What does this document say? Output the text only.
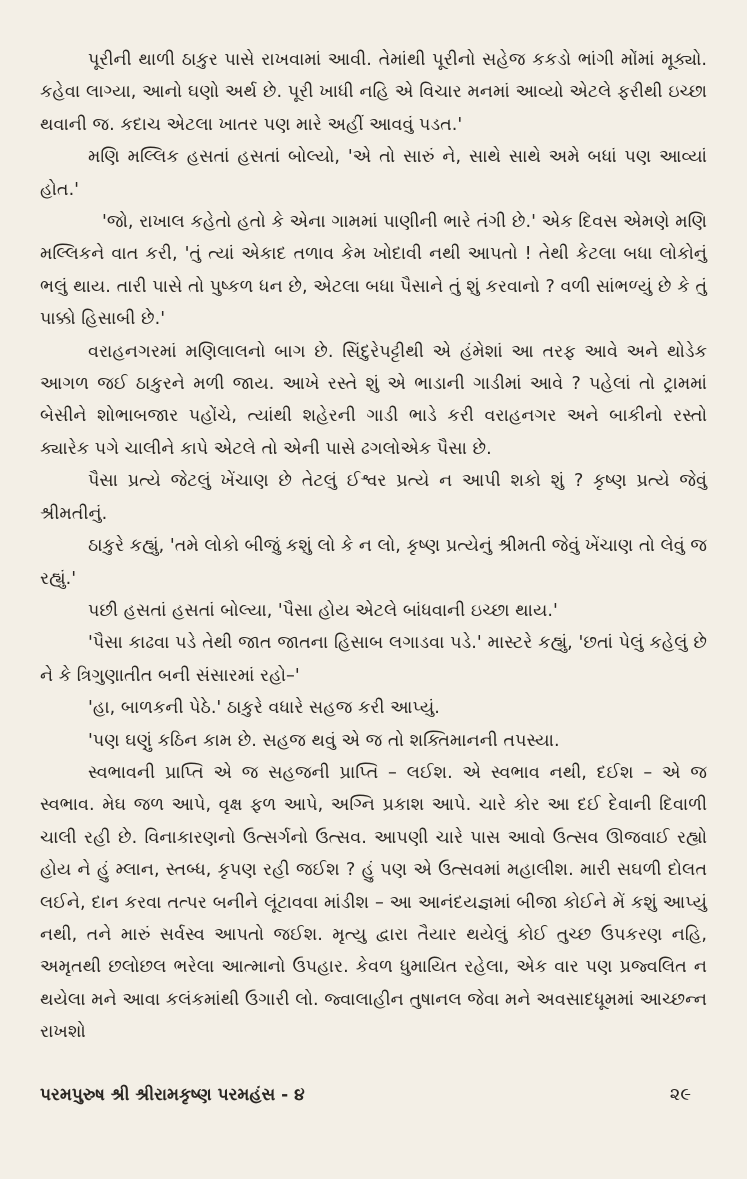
પૂરીની થાળી ઠાકુર પાસે રાખવામાં આવી. તેમાંથી પૂરીનો સહેજ કકડો ભાંગી મોંમાં મૂક્યો. કહેવા લાગ્યા, આનો ઘણો અર્થ છે. પૂરી ખાધી નહિ એ વિચાર મનમાં આવ્યો એટલે ફરીથી ઇચ્છા થવાની જ. કદાચ એટલા ખાતર પણ મારે અહીં આવવું પડત.'

મણિ મલ્લિક હસતાં હસતાં બોલ્યો, 'એ તો સારું ને, સાથે સાથે અમે બધાં પણ આવ્યાં હોત.'

'જો, રાખાલ કહેતો હતો કે એના ગામમાં પાણીની ભારે તંગી છે.' એક દિવસ એમણે મણિ મલ્લિકને વાત કરી, 'તું ત્યાં એકાદ તળાવ કેમ ખોદાવી નથી આપતો ! તેથી કેટલા બધા લોકોનું ભલું થાય. તારી પાસે તો પુષ્કળ ધન છે, એટલા બધા પૈસાને તું શું કરવાનો ? વળી સાંભળ્યું છે કે તું પાક્કો હિસાબી છે.'

વરાહનગરમાં મણિલાલનો બાગ છે. સિંદુરેપટ્ટીથી એ હંમેશાં આ તરફ આવે અને થોડેક આગળ જઈ ઠાકુરને મળી જાય. આખે રસ્તે શું એ ભાડાની ગાડીમાં આવે ? પહેલાં તો ટ્રામમાં બેસીને શોભાબજાર પહોંચે, ત્યાંથી શહેરની ગાડી ભાડે કરી વરાહનગર અને બાકીનો રસ્તો ક્યારેક પગે ચાલીને કાપે એટલે તો એની પાસે ઢગલોએક પૈસા છે.

પૈસા પ્રત્યે જેટલું ખેંચાણ છે તેટલું ઈશ્વર પ્રત્યે ન આપી શકો શું ? કૃષ્ણ પ્રત્યે જેવું શ્રીમતીનું.

ઠાકુરે કહ્યું, 'તમે લોકો બીજું કશું લો કે ન લો, કૃષ્ણ પ્રત્યેનું શ્રીમતી જેવું ખેંચાણ તો લેવું જ રહ્યું.'

પછી હસતાં હસતાં બોલ્યા, 'પૈસા હોય એટલે બાંધવાની ઇચ્છા થાય.'

'પૈસા કાઢવા પડે તેથી જાત જાતના હિસાબ લગાડવા પડે.' માસ્ટરે કહ્યું, 'છતાં પેલું કહેલું છે ને કે ત્રિગુણાતીત બની સંસારમાં રહો–'

'હા, બાળકની પેઠે.' ઠાકુરે વધારે સહજ કરી આપ્યું.

'પણ ઘણું કઠિન કામ છે. સહજ થવું એ જ તો શક્તિમાનની તપસ્યા.

સ્વભાવની પ્રાપ્તિ એ જ સહજની પ્રાપ્તિ – લઈશ. એ સ્વભાવ નથી, દઈશ – એ જ સ્વભાવ. મેઘ જળ આપે, વૃક્ષ ફળ આપે, અગ્નિ પ્રકાશ આપે. ચારે કોર આ દઈ દેવાની દિવાળી ચાલી રહી છે. વિનાકારણનો ઉત્સર્ગનો ઉત્સવ. આપણી ચારે પાસ આવો ઉત્સવ ઊજવાઈ રહ્યો હોય ને હું મ્લાન, સ્તબ્ધ, કૃપણ રહી જઈશ ? હું પણ એ ઉત્સવમાં મહાલીશ. મારી સઘળી દોલત લઈને, દાન કરવા તત્પર બનીને લૂંટાવવા માંડીશ – આ આનંદયજ્ઞમાં બીજા કોઈને મેં કશું આપ્યું નથી, તને મારું સર્વસ્વ આપતો જઈશ. મૃત્યુ દ્વારા તૈયાર થયેલું કોઈ તુચ્છ ઉપકરણ નહિ, અમૃતથી છલોછલ ભરેલા આત્માનો ઉપહાર. કેવળ ધુમાયિત રહેલા, એક વાર પણ પ્રજ્વલિત ન થયેલા મને આવા કલંકમાંથી ઉગારી લો. જ્વાલાહીન તુષાનલ જેવા મને અવસાદધૂમમાં આચ્છન્ન રાખશો

પરમપુરુષ શ્રી શ્રીરામકૃષ્ણ પરમહંસ - ૪	૨૯
